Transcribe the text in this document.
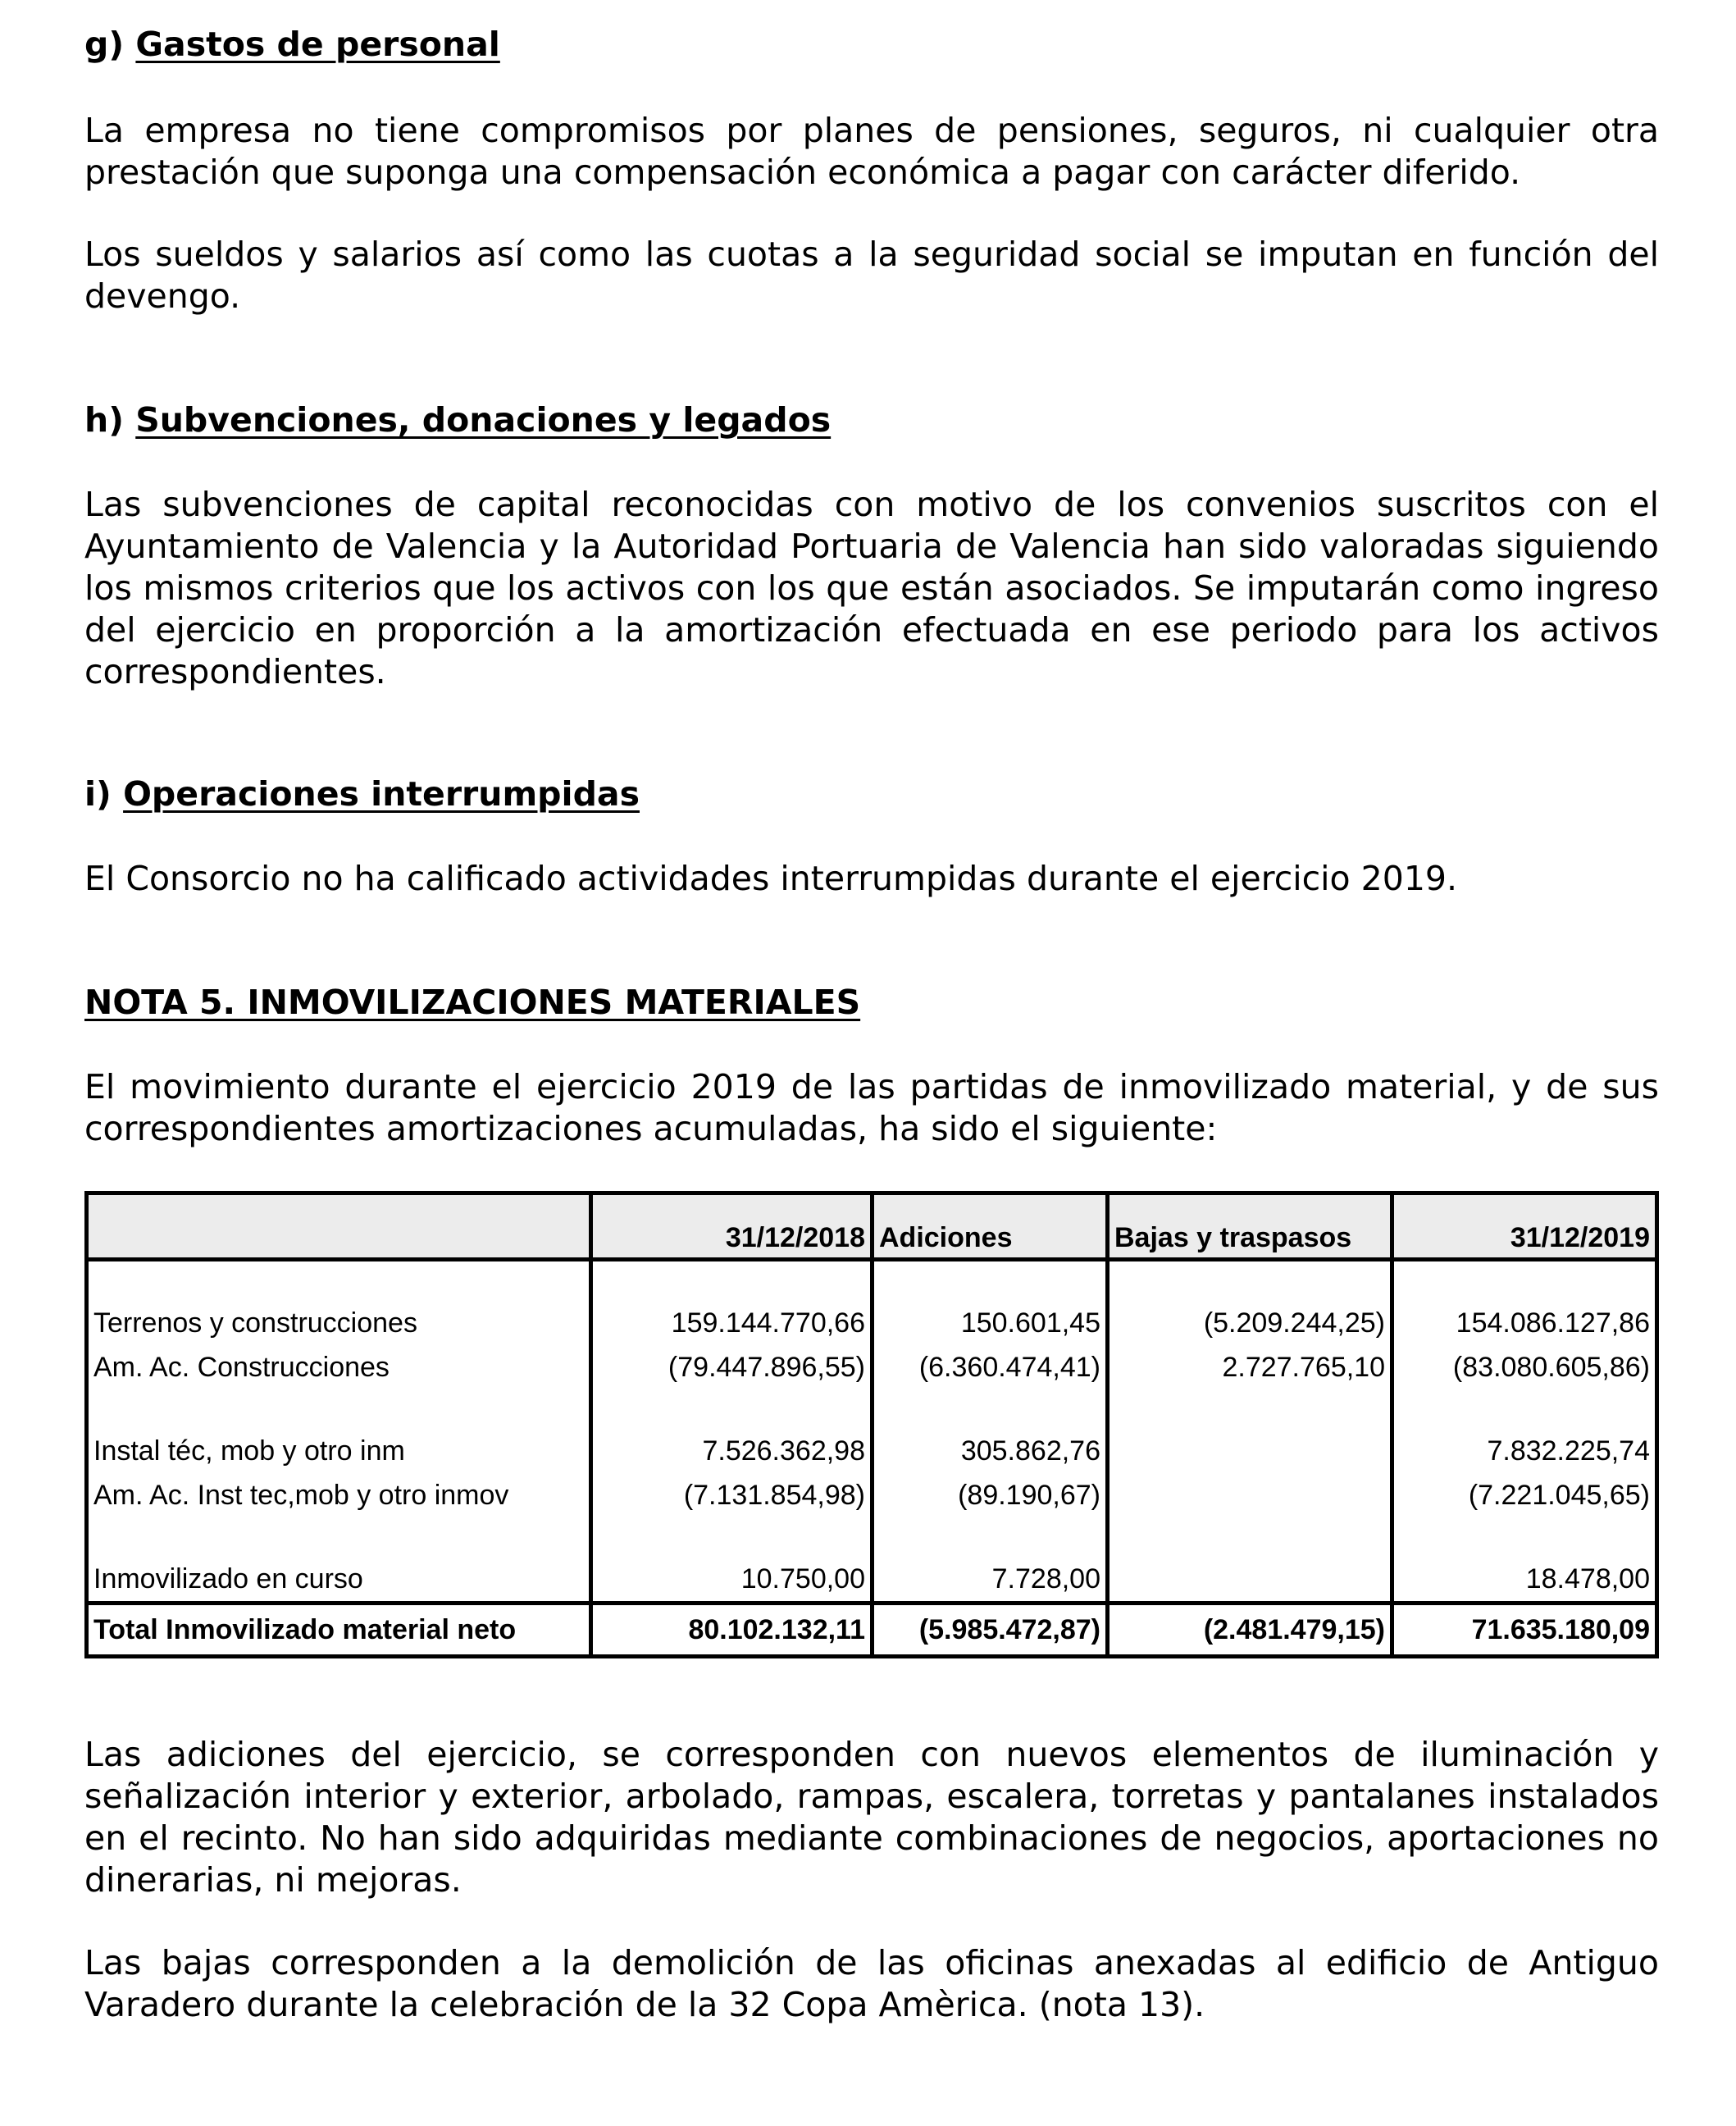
g) Gastos de personal

La empresa no tiene compromisos por planes de pensiones, seguros, ni cualquier otra prestación que suponga una compensación económica a pagar con carácter diferido.

Los sueldos y salarios así como las cuotas a la seguridad social se imputan en función del devengo.

h) Subvenciones, donaciones y legados

Las subvenciones de capital reconocidas con motivo de los convenios suscritos con el Ayuntamiento de Valencia y la Autoridad Portuaria de Valencia han sido valoradas siguiendo los mismos criterios que los activos con los que están asociados. Se imputarán como ingreso del ejercicio en proporción a la amortización efectuada en ese periodo para los activos correspondientes.

i) Operaciones interrumpidas

El Consorcio no ha calificado actividades interrumpidas durante el ejercicio 2019.

NOTA 5. INMOVILIZACIONES MATERIALES

El movimiento durante el ejercicio 2019 de las partidas de inmovilizado material, y de sus correspondientes amortizaciones acumuladas, ha sido el siguiente:

	31/12/2018	Adiciones	Bajas y traspasos	31/12/2019

Terrenos y construcciones	159.144.770,66	150.601,45	(5.209.244,25)	154.086.127,86
Am. Ac. Construcciones	(79.447.896,55)	(6.360.474,41)	2.727.765,10	(83.080.605,86)

Instal téc, mob y otro inm	7.526.362,98	305.862,76		7.832.225,74
Am. Ac. Inst tec,mob y otro inmov	(7.131.854,98)	(89.190,67)		(7.221.045,65)

Inmovilizado en curso	10.750,00	7.728,00		18.478,00
Total Inmovilizado material neto	80.102.132,11	(5.985.472,87)	(2.481.479,15)	71.635.180,09

Las adiciones del ejercicio, se corresponden con nuevos elementos de iluminación y señalización interior y exterior, arbolado, rampas, escalera, torretas y pantalanes instalados en el recinto. No han sido adquiridas mediante combinaciones de negocios, aportaciones no dinerarias, ni mejoras.

Las bajas corresponden a la demolición de las oficinas anexadas al edificio de Antiguo Varadero durante la celebración de la 32 Copa Amèrica. (nota 13).
